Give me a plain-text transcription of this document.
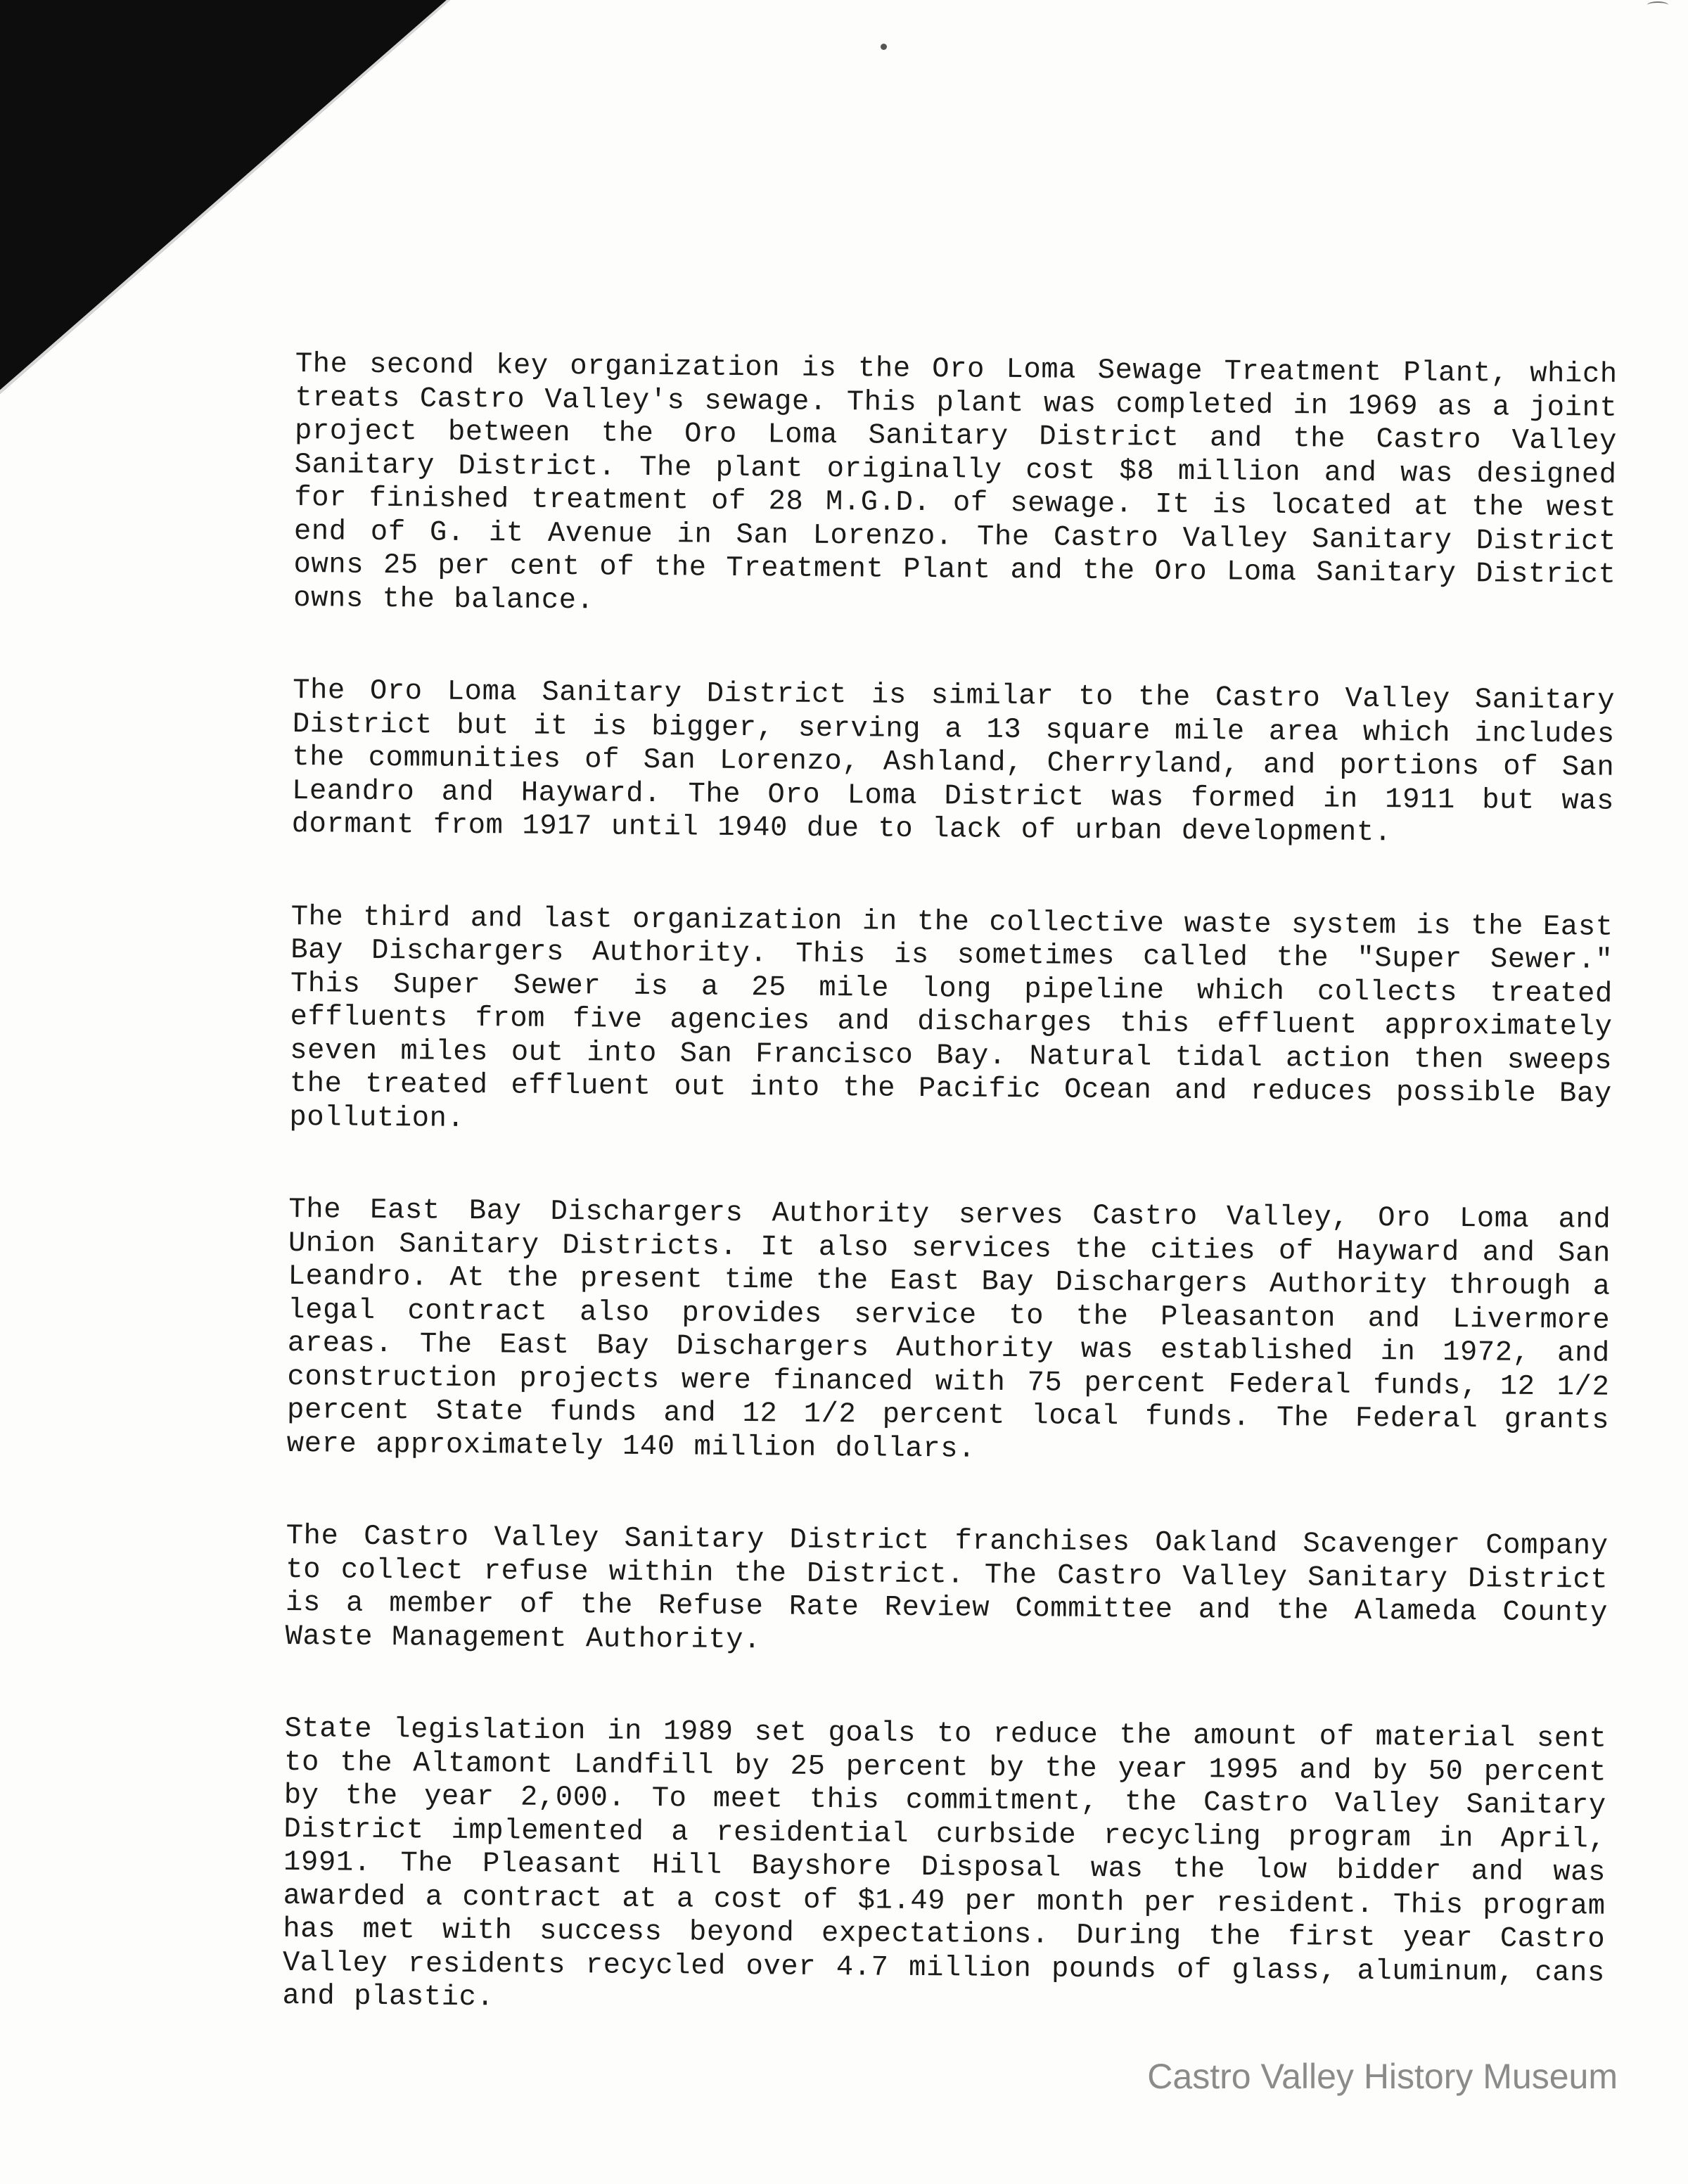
The second key organization is the Oro Loma Sewage Treatment Plant, which treats Castro Valley's sewage. This plant was completed in 1969 as a joint project between the Oro Loma Sanitary District and the Castro Valley Sanitary District. The plant originally cost $8 million and was designed for finished treatment of 28 M.G.D. of sewage. It is located at the west end of G. it Avenue in San Lorenzo. The Castro Valley Sanitary District owns 25 per cent of the Treatment Plant and the Oro Loma Sanitary District owns the balance.

The Oro Loma Sanitary District is similar to the Castro Valley Sanitary District but it is bigger, serving a 13 square mile area which includes the communities of San Lorenzo, Ashland, Cherryland, and portions of San Leandro and Hayward. The Oro Loma District was formed in 1911 but was dormant from 1917 until 1940 due to lack of urban development.

The third and last organization in the collective waste system is the East Bay Dischargers Authority. This is sometimes called the "Super Sewer." This Super Sewer is a 25 mile long pipeline which collects treated effluents from five agencies and discharges this effluent approximately seven miles out into San Francisco Bay. Natural tidal action then sweeps the treated effluent out into the Pacific Ocean and reduces possible Bay pollution.

The East Bay Dischargers Authority serves Castro Valley, Oro Loma and Union Sanitary Districts. It also services the cities of Hayward and San Leandro. At the present time the East Bay Dischargers Authority through a legal contract also provides service to the Pleasanton and Livermore areas. The East Bay Dischargers Authority was established in 1972, and construction projects were financed with 75 percent Federal funds, 12 1/2 percent State funds and 12 1/2 percent local funds. The Federal grants were approximately 140 million dollars.

The Castro Valley Sanitary District franchises Oakland Scavenger Company to collect refuse within the District. The Castro Valley Sanitary District is a member of the Refuse Rate Review Committee and the Alameda County Waste Management Authority.

State legislation in 1989 set goals to reduce the amount of material sent to the Altamont Landfill by 25 percent by the year 1995 and by 50 percent by the year 2,000. To meet this commitment, the Castro Valley Sanitary District implemented a residential curbside recycling program in April, 1991. The Pleasant Hill Bayshore Disposal was the low bidder and was awarded a contract at a cost of $1.49 per month per resident. This program has met with success beyond expectations. During the first year Castro Valley residents recycled over 4.7 million pounds of glass, aluminum, cans and plastic.

Castro Valley History Museum
